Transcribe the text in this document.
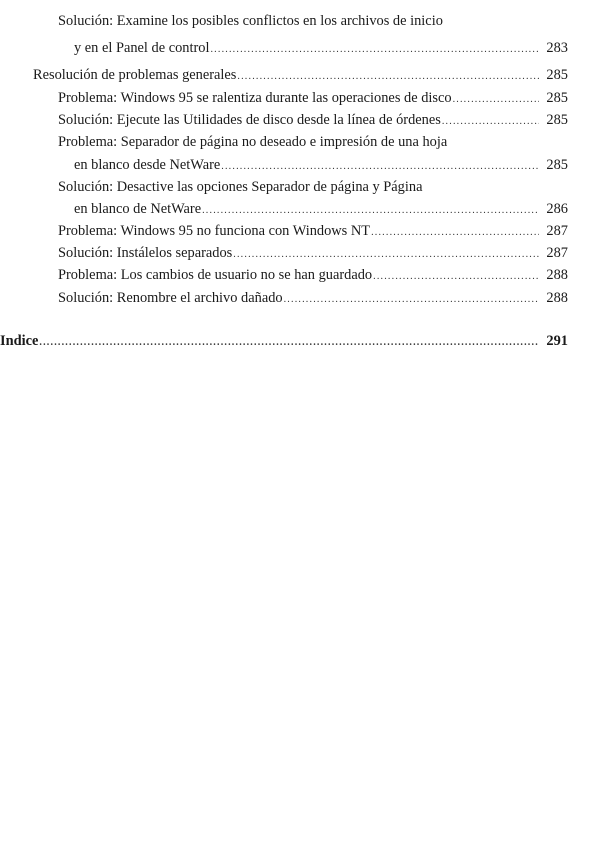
Solución: Examine los posibles conflictos en los archivos de inicio
y en el Panel de control .....	283
Resolución de problemas generales .....	285
Problema: Windows 95 se ralentiza durante las operaciones de disco .....	285
Solución: Ejecute las Utilidades de disco desde la línea de órdenes .....	285
Problema: Separador de página no deseado e impresión de una hoja
en blanco desde NetWare .....	285
Solución: Desactive las opciones Separador de página y Página
en blanco de NetWare .....	286
Problema: Windows 95 no funciona con Windows NT .....	287
Solución: Instálelos separados .....	287
Problema: Los cambios de usuario no se han guardado .....	288
Solución: Renombre el archivo dañado .....	288
Indice .....	291
